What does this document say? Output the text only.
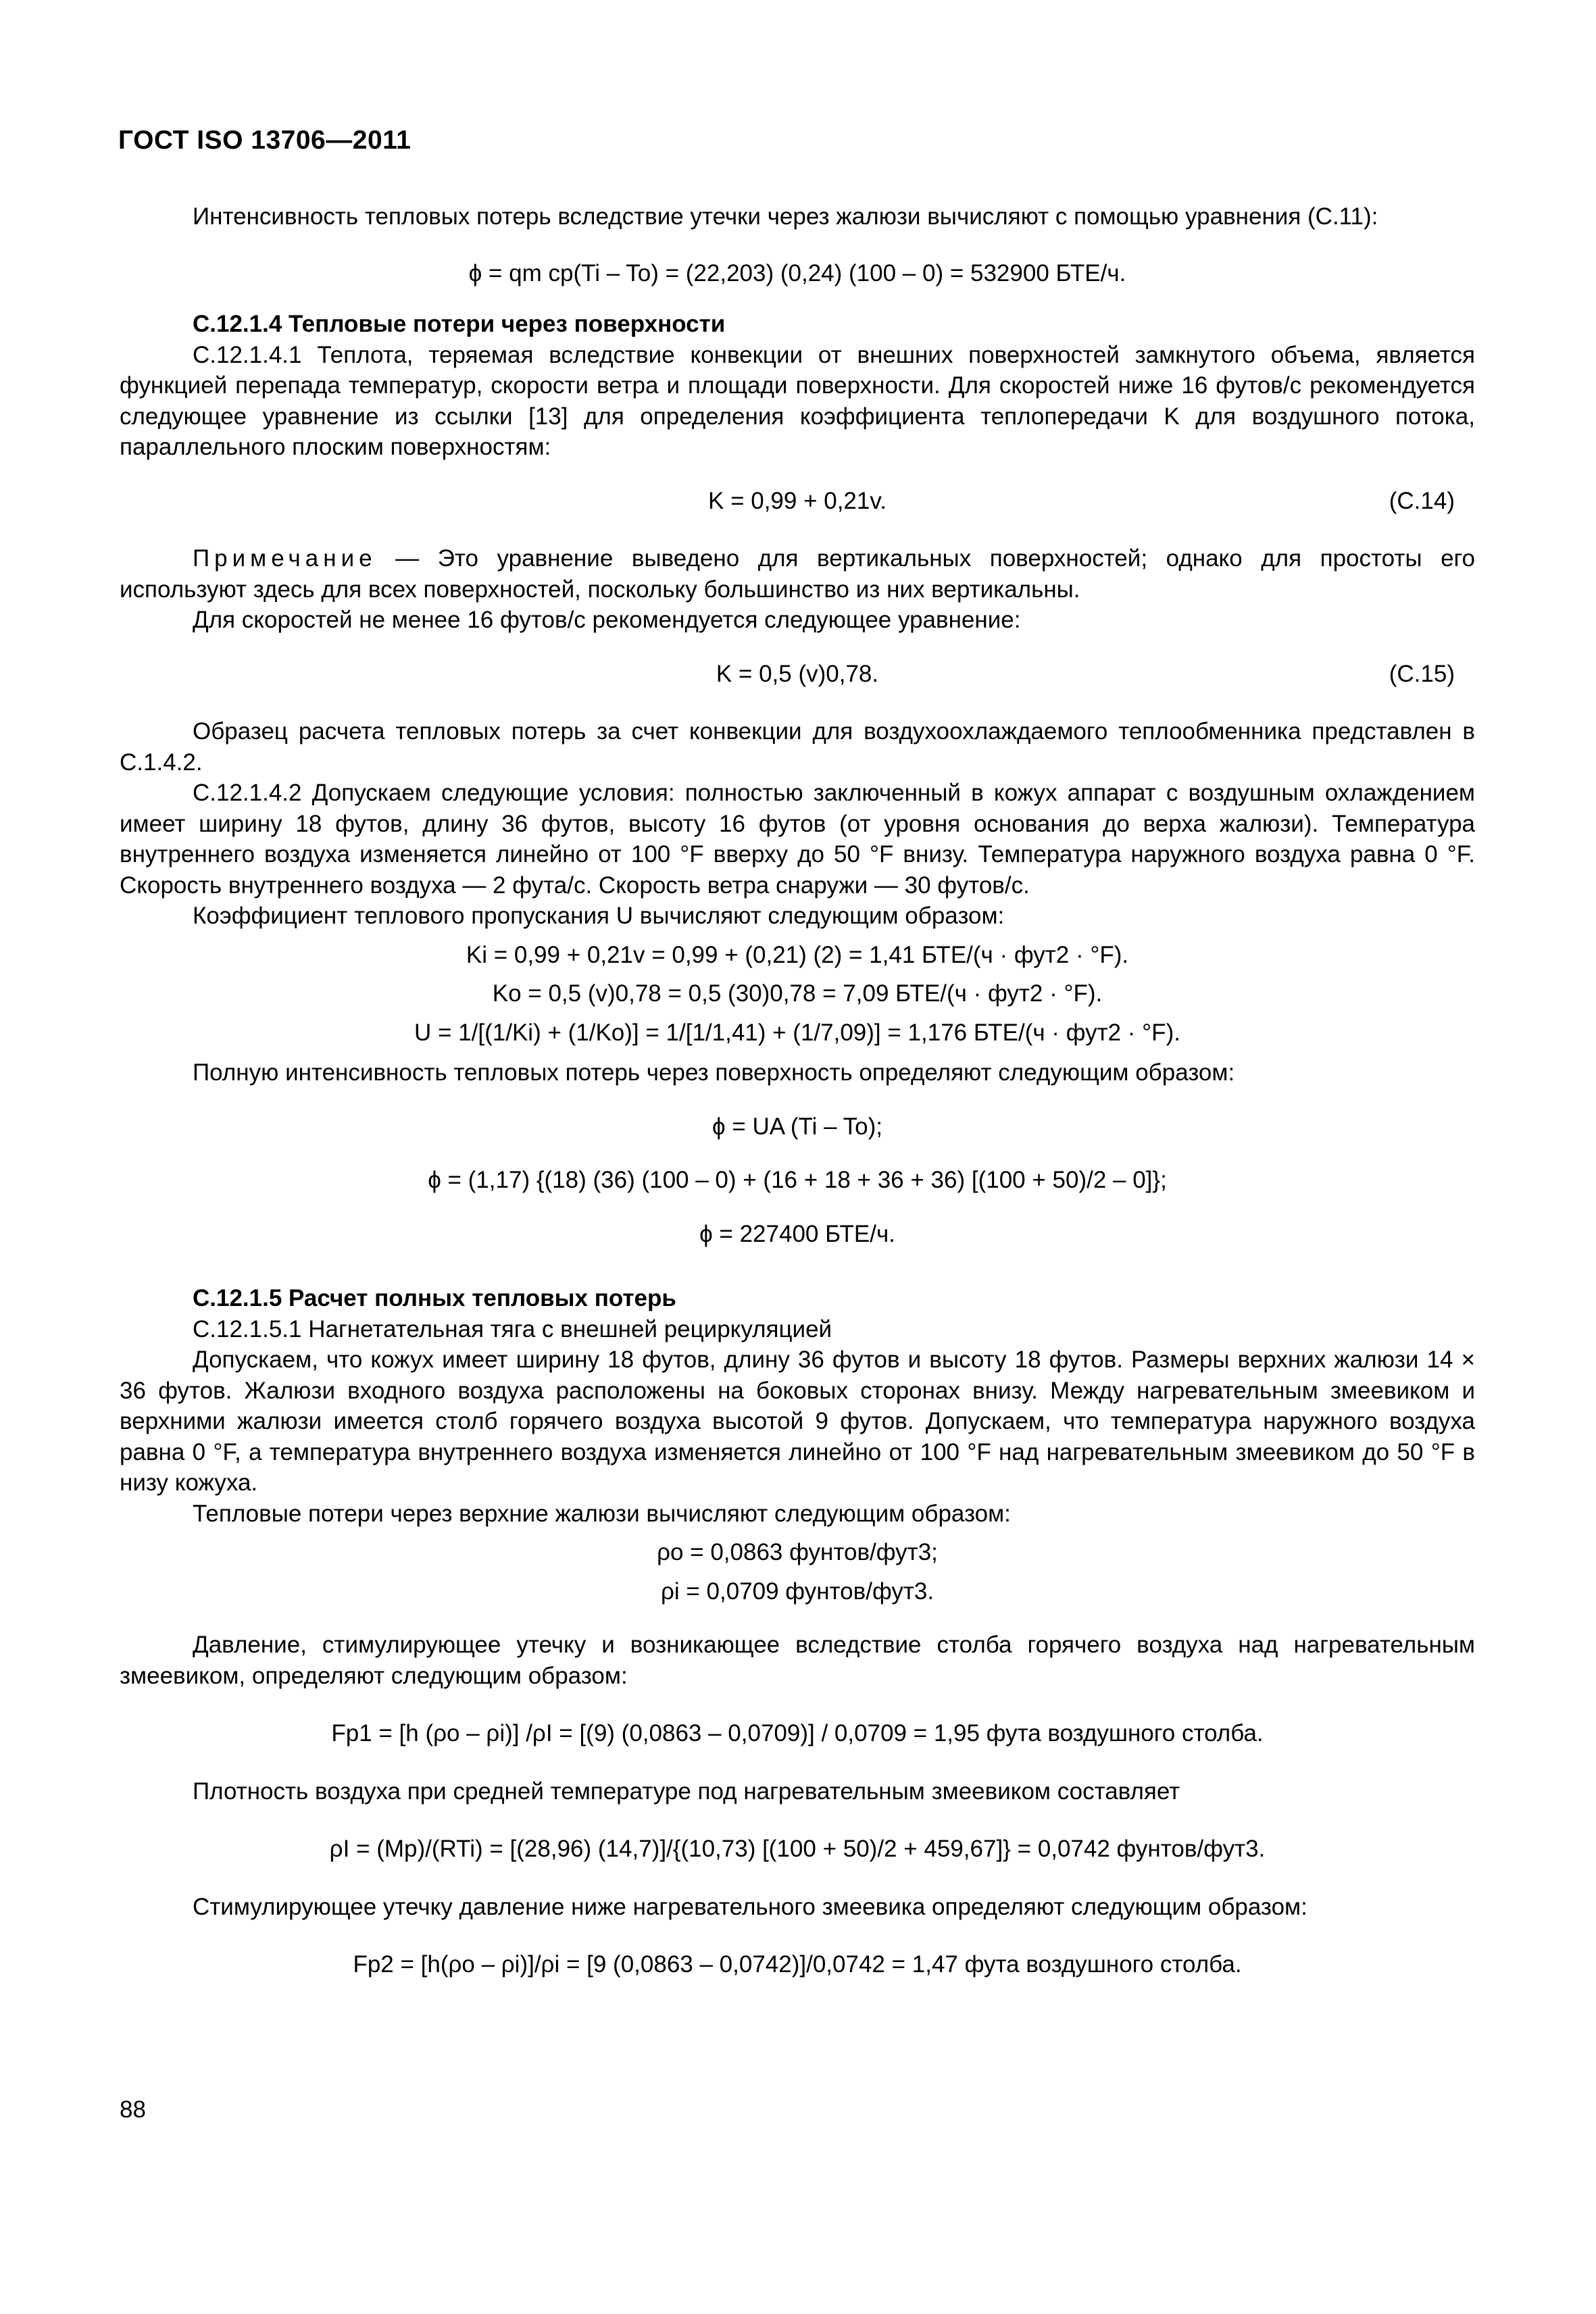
ГОСТ ISO 13706—2011

Интенсивность тепловых потерь вследствие утечки через жалюзи вычисляют с помощью уравнения (С.11):

ϕ = qm cp(Ti – To) = (22,203) (0,24) (100 – 0) = 532900 БТЕ/ч.

С.12.1.4 Тепловые потери через поверхности

С.12.1.4.1 Теплота, теряемая вследствие конвекции от внешних поверхностей замкнутого объема, является функцией перепада температур, скорости ветра и площади поверхности. Для скоростей ниже 16 футов/с рекомендуется следующее уравнение из ссылки [13] для определения коэффициента теплопередачи K для воздушного потока, параллельного плоским поверхностям:

K = 0,99 + 0,21v.	(С.14)

Примечание — Это уравнение выведено для вертикальных поверхностей; однако для простоты его используют здесь для всех поверхностей, поскольку большинство из них вертикальны.

Для скоростей не менее 16 футов/с рекомендуется следующее уравнение:

K = 0,5 (v)0,78.	(С.15)

Образец расчета тепловых потерь за счет конвекции для воздухоохлаждаемого теплообменника представлен в С.1.4.2.

С.12.1.4.2 Допускаем следующие условия: полностью заключенный в кожух аппарат с воздушным охлаждением имеет ширину 18 футов, длину 36 футов, высоту 16 футов (от уровня основания до верха жалюзи). Температура внутреннего воздуха изменяется линейно от 100 °F вверху до 50 °F внизу. Температура наружного воздуха равна 0 °F. Скорость внутреннего воздуха — 2 фута/с. Скорость ветра снаружи — 30 футов/с.

Коэффициент теплового пропускания U вычисляют следующим образом:

Ki = 0,99 + 0,21v = 0,99 + (0,21) (2) = 1,41 БТЕ/(ч · фут2 · °F).

Ko = 0,5 (v)0,78 = 0,5 (30)0,78 = 7,09 БТЕ/(ч · фут2 · °F).

U = 1/[(1/Ki) + (1/Ko)] = 1/[1/1,41) + (1/7,09)] = 1,176 БТЕ/(ч · фут2 · °F).

Полную интенсивность тепловых потерь через поверхность определяют следующим образом:

ϕ = UA (Ti – To);

ϕ = (1,17) {(18) (36) (100 – 0) + (16 + 18 + 36 + 36) [(100 + 50)/2 – 0]};

ϕ = 227400 БТЕ/ч.

С.12.1.5 Расчет полных тепловых потерь

С.12.1.5.1 Нагнетательная тяга с внешней рециркуляцией

Допускаем, что кожух имеет ширину 18 футов, длину 36 футов и высоту 18 футов. Размеры верхних жалюзи 14 × 36 футов. Жалюзи входного воздуха расположены на боковых сторонах внизу. Между нагревательным змеевиком и верхними жалюзи имеется столб горячего воздуха высотой 9 футов. Допускаем, что температура наружного воздуха равна 0 °F, а температура внутреннего воздуха изменяется линейно от 100 °F над нагревательным змеевиком до 50 °F в низу кожуха.

Тепловые потери через верхние жалюзи вычисляют следующим образом:

ρo = 0,0863 фунтов/фут3;

ρi = 0,0709 фунтов/фут3.

Давление, стимулирующее утечку и возникающее вследствие столба горячего воздуха над нагревательным змеевиком, определяют следующим образом:

Fp1 = [h (ρo – ρi)] /ρI = [(9) (0,0863 – 0,0709)] / 0,0709 = 1,95 фута воздушного столба.

Плотность воздуха при средней температуре под нагревательным змеевиком составляет

ρI = (Mp)/(RTi) = [(28,96) (14,7)]/{(10,73) [(100 + 50)/2 + 459,67]} = 0,0742 фунтов/фут3.

Стимулирующее утечку давление ниже нагревательного змеевика определяют следующим образом:

Fp2 = [h(ρo – ρi)]/ρi = [9 (0,0863 – 0,0742)]/0,0742 = 1,47 фута воздушного столба.

88
